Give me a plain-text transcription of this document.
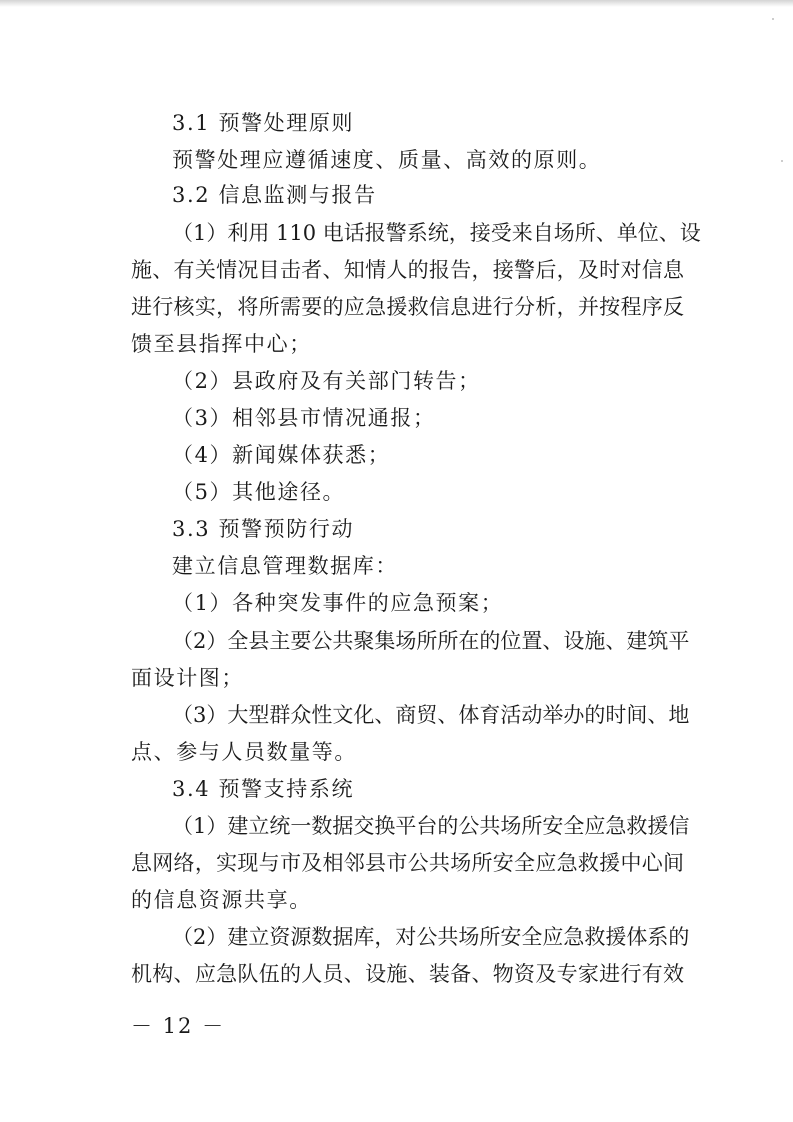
3.1 预警处理原则
预警处理应遵循速度、质量、高效的原则。
3.2 信息监测与报告
（1）利用 110 电话报警系统，接受来自场所、单位、设
施、有关情况目击者、知情人的报告，接警后，及时对信息
进行核实，将所需要的应急援救信息进行分析，并按程序反
馈至县指挥中心；
（2）县政府及有关部门转告；
（3）相邻县市情况通报；
（4）新闻媒体获悉；
（5）其他途径。
3.3 预警预防行动
建立信息管理数据库：
（1）各种突发事件的应急预案；
（2）全县主要公共聚集场所所在的位置、设施、建筑平
面设计图；
（3）大型群众性文化、商贸、体育活动举办的时间、地
点、参与人员数量等。
3.4 预警支持系统
（1）建立统一数据交换平台的公共场所安全应急救援信
息网络，实现与市及相邻县市公共场所安全应急救援中心间
的信息资源共享。
（2）建立资源数据库，对公共场所安全应急救援体系的
机构、应急队伍的人员、设施、装备、物资及专家进行有效
－ 12 －
